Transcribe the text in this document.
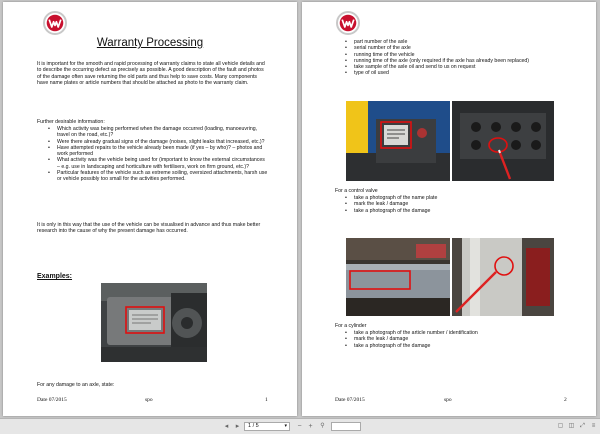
Warranty Processing

It is important for the smooth and rapid processing of warranty claims to state all vehicle details and to describe the occurring defect as precisely as possible. A good description of the fault and photos of the damage often save returning the old parts and thus help to save costs. Many components have name plates or article numbers that should be attached as photo to the warranty claim.

Further desirable information:
• Which activity was being performed when the damage occurred (loading, manoeuvring, travel on the road, etc.)?
• Were there already gradual signs of the damage (noises, slight leaks that increased, etc.)?
• Have attempted repairs to the vehicle already been made (if yes – by who)? – photos and work performed
• What activity was the vehicle being used for (important to know the external circumstances – e.g. use in landscaping and horticulture with fertilisers, work on firm ground, etc.)?
• Particular features of the vehicle such as extreme soiling, oversized attachments, harsh use or vehicle possibly too small for the activities performed.

It is only in this way that the use of the vehicle can be visualised in advance and thus make better research into the cause of why the present damage has occurred.

Examples:
For any damage to an axle, state:
Date 07/2015	spo	1
• part number of the axle
• serial number of the axle
• running time of the vehicle
• running time of the axle (only required if the axle has already been replaced)
• take sample of the axle oil and send to us on request
• type of oil used
For a control valve
• take a photograph of the name plate
• mark the leak / damage
• take a photograph of the damage
For a cylinder
• take a photograph of the article number / identification
• mark the leak / damage
• take a photograph of the damage
Date 07/2015	spo	2
◂	▸	1 / 5	▾	− +	⚲	▢ ◫ ⤢	≡
